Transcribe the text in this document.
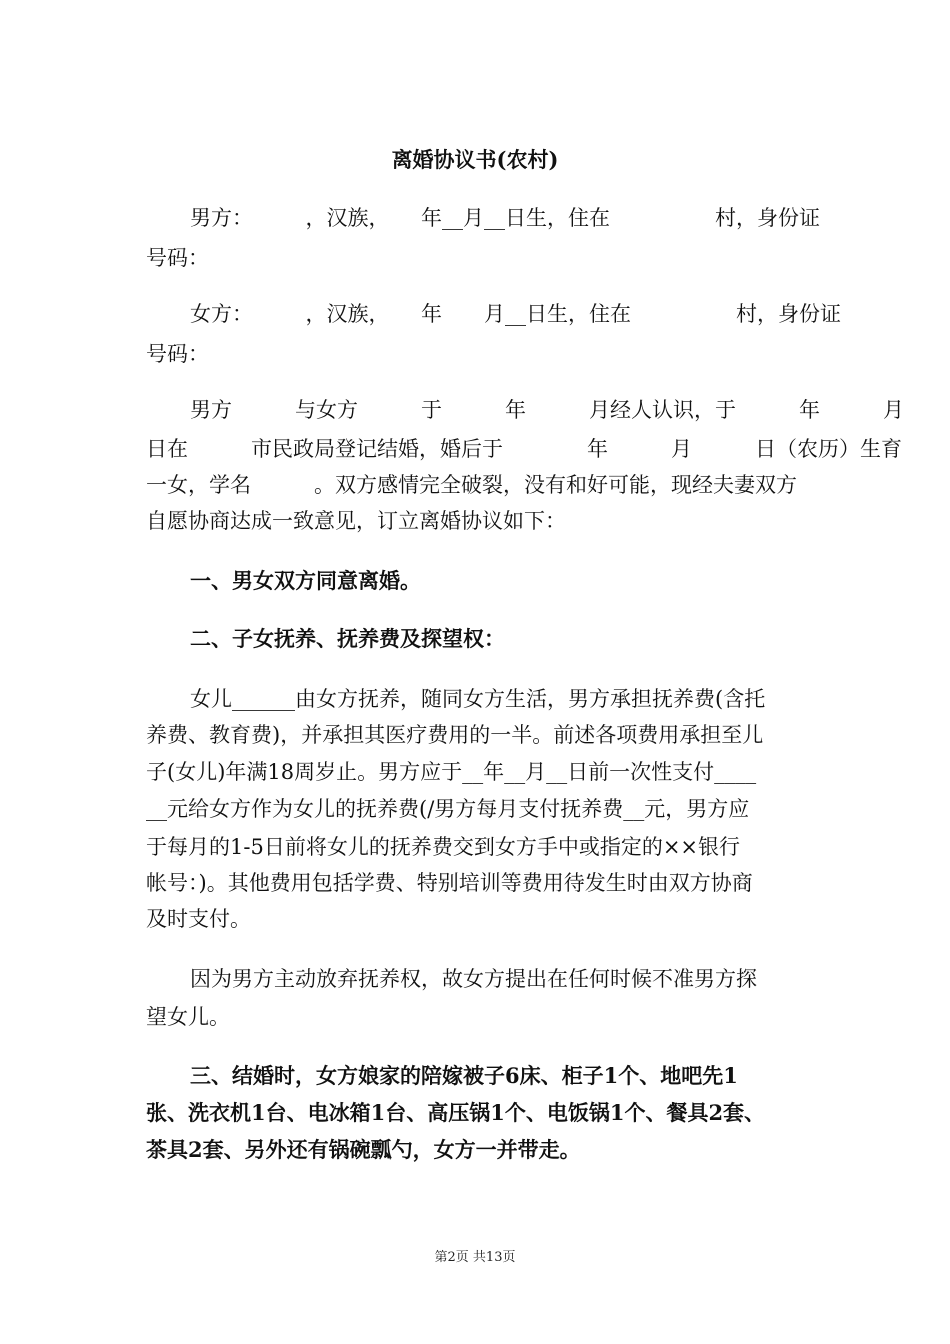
离婚协议书(农村)
男方：　　　，汉族，　　年__月__日生，住在　　　　　村，身份证
号码：
女方：　　　，汉族，　　年　　月__日生，住在　　　　　村，身份证
号码：
男方　　　与女方　　　于　　　年　　　月经人认识，于　　　年　　　月
日在　　　市民政局登记结婚，婚后于　　　　年　　　月　　　日（农历）生育
一女，学名　　　。双方感情完全破裂，没有和好可能，现经夫妻双方
自愿协商达成一致意见，订立离婚协议如下：
一、男女双方同意离婚。
二、子女抚养、抚养费及探望权：
女儿______由女方抚养，随同女方生活，男方承担抚养费(含托
养费、教育费)，并承担其医疗费用的一半。前述各项费用承担至儿
子(女儿)年满18周岁止。男方应于__年__月__日前一次性支付____
__元给女方作为女儿的抚养费(/男方每月支付抚养费__元，男方应
于每月的1-5日前将女儿的抚养费交到女方手中或指定的××银行
帐号：)。其他费用包括学费、特别培训等费用待发生时由双方协商
及时支付。
因为男方主动放弃抚养权，故女方提出在任何时候不准男方探
望女儿。
三、结婚时，女方娘家的陪嫁被子6床、柜子1个、地吧先1
张、洗衣机1台、电冰箱1台、高压锅1个、电饭锅1个、餐具2套、
茶具2套、另外还有锅碗瓢勺，女方一并带走。
第2页 共13页
